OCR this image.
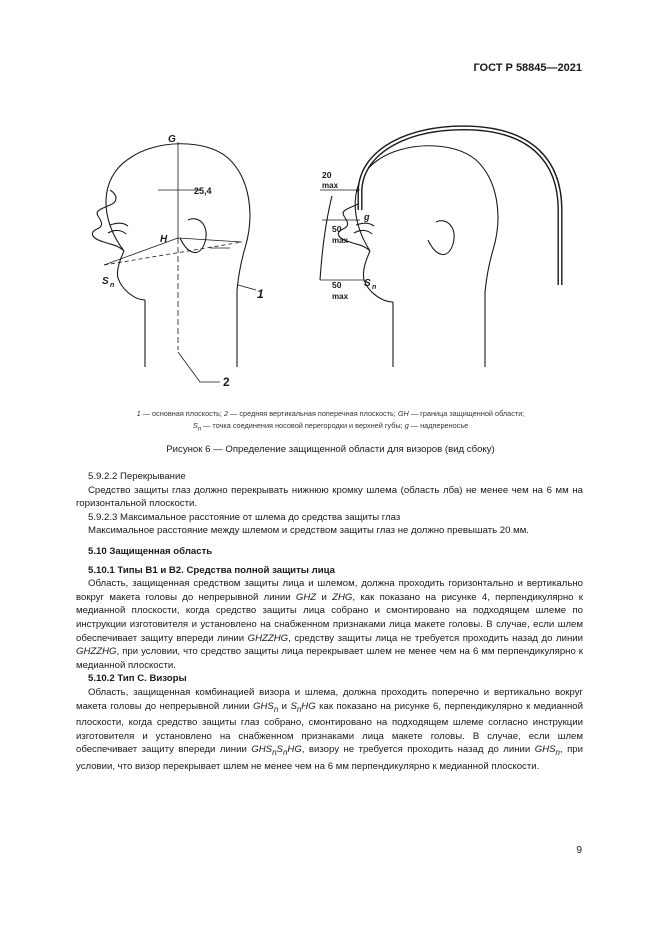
ГОСТ Р 58845—2021
G
H
S n
25,4
1
2
20
max
g
50
max
S n
50
max
1 — основная плоскость; 2 — средняя вертикальная поперечная плоскость; GH — граница защищенной области;
$S_n$ — точка соединения носовой перегородки и верхней губы; g — надпереносье
Рисунок 6 — Определение защищенной области для визоров (вид сбоку)

5.9.2.2 Перекрывание

Средство защиты глаз должно перекрывать нижнюю кромку шлема (область лба) не менее чем на 6 мм на горизонтальной плоскости.

5.9.2.3 Максимальное расстояние от шлема до средства защиты глаз

Максимальное расстояние между шлемом и средством защиты глаз не должно превышать 20 мм.

5.10 Защищенная область

5.10.1 Типы В1 и В2. Средства полной защиты лица

Область, защищенная средством защиты лица и шлемом, должна проходить горизонтально и вертикально вокруг макета головы до непрерывной линии GHZ и ZHG, как показано на рисунке 4, перпендикулярно к медианной плоскости, когда средство защиты лица собрано и смонтировано на подходящем шлеме по инструкции изготовителя и установлено на снабженном признаками лица макете головы. В случае, если шлем обеспечивает защиту впереди линии GHZZHG, средству защиты лица не требуется проходить назад до линии GHZZHG, при условии, что средство защиты лица перекрывает шлем не менее чем на 6 мм перпендикулярно к медианной плоскости.

5.10.2 Тип С. Визоры

Область, защищенная комбинацией визора и шлема, должна проходить поперечно и вертикально вокруг макета головы до непрерывной линии $GHS_n$ и $S_nHG$ как показано на рисунке 6, перпендикулярно к медианной плоскости, когда средство защиты глаз собрано, смонтировано на подходящем шлеме согласно инструкции изготовителя и установлено на снабженном признаками лица макете головы. В случае, если шлем обеспечивает защиту впереди линии $GHS_nS_nHG$, визору не требуется проходить назад до линии $GHS_n$, при условии, что визор перекрывает шлем не менее чем на 6 мм перпендикулярно к медианной плоскости.

9
